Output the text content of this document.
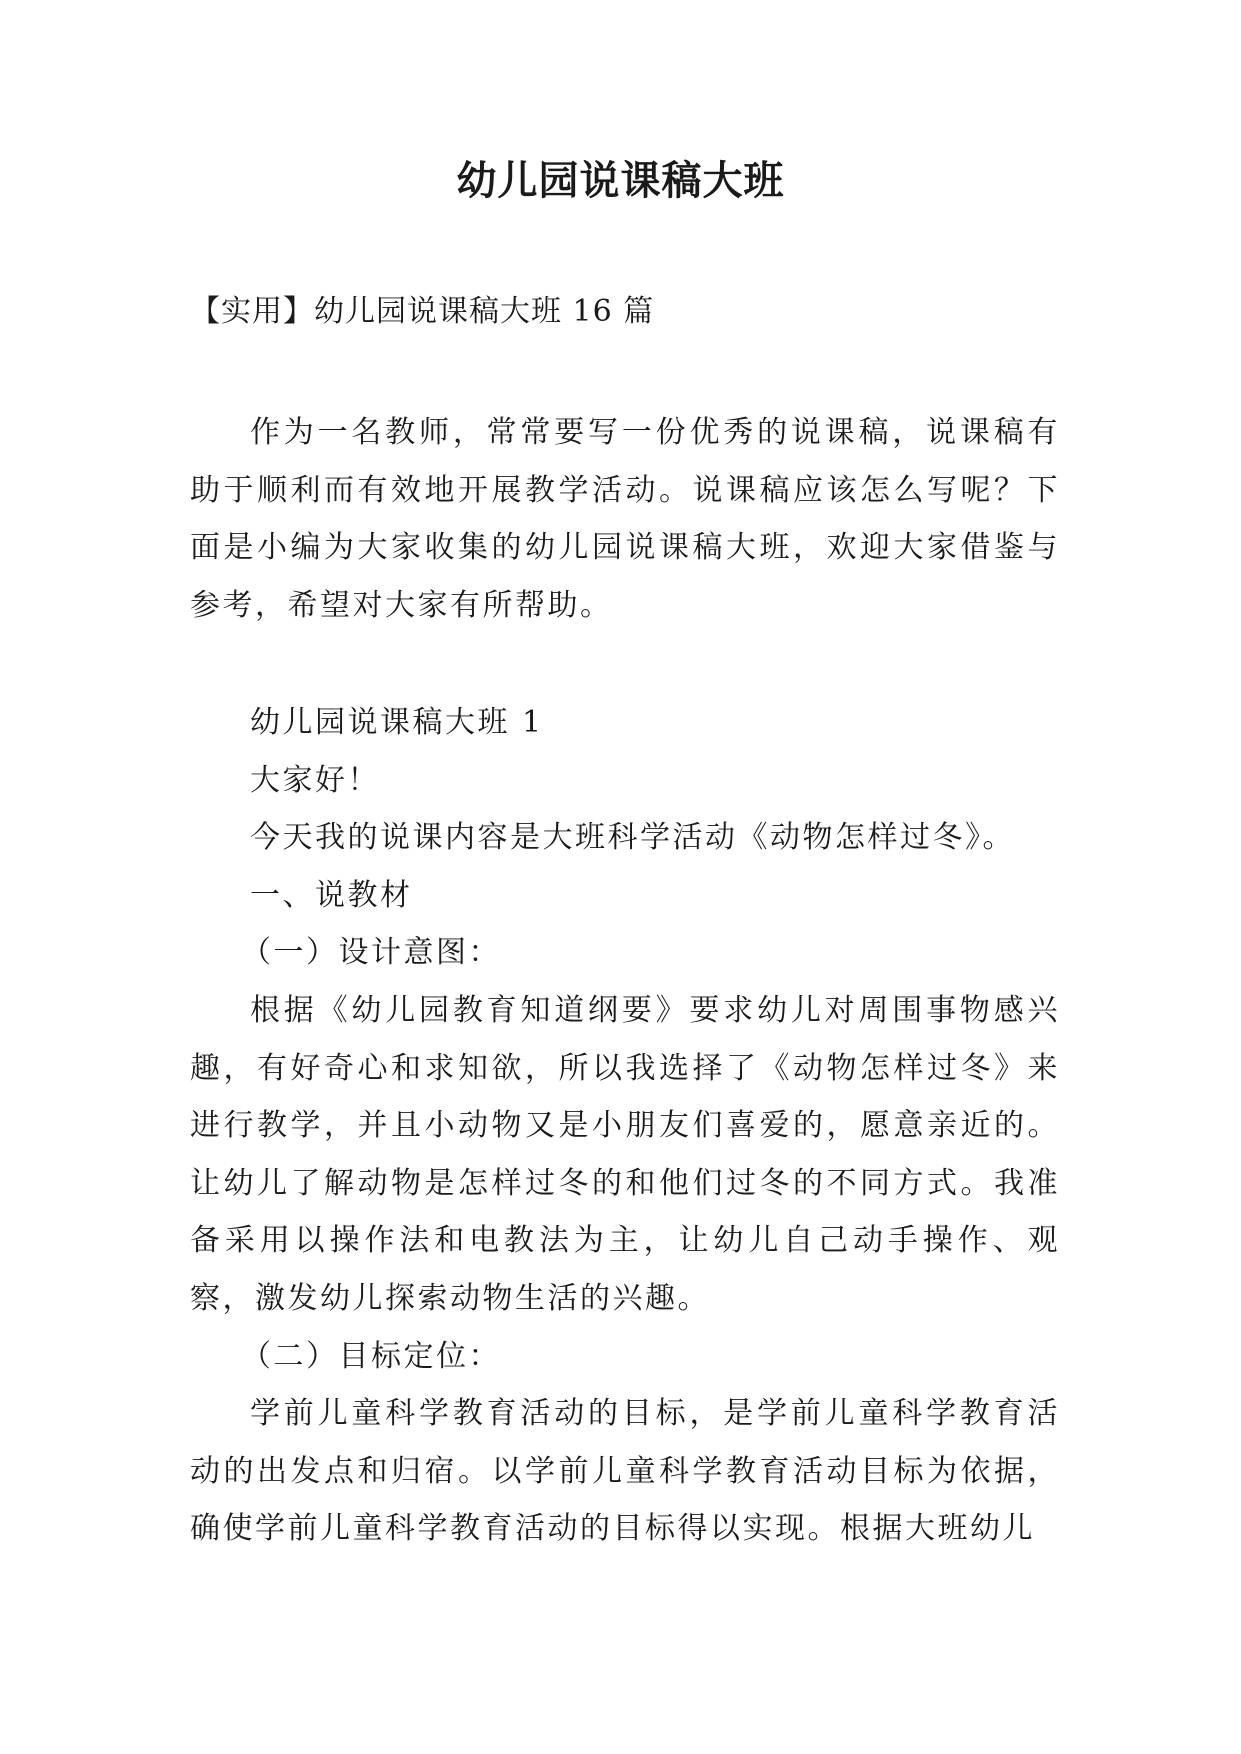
幼儿园说课稿大班
【实用】幼儿园说课稿大班 16 篇

作为一名教师，常常要写一份优秀的说课稿，说课稿有助于顺利而有效地开展教学活动。说课稿应该怎么写呢？下面是小编为大家收集的幼儿园说课稿大班，欢迎大家借鉴与参考，希望对大家有所帮助。

幼儿园说课稿大班 1

大家好！

今天我的说课内容是大班科学活动《动物怎样过冬》。

一、说教材

（一）设计意图：

根据《幼儿园教育知道纲要》要求幼儿对周围事物感兴趣，有好奇心和求知欲，所以我选择了《动物怎样过冬》来进行教学，并且小动物又是小朋友们喜爱的，愿意亲近的。让幼儿了解动物是怎样过冬的和他们过冬的不同方式。我准备采用以操作法和电教法为主，让幼儿自己动手操作、观察，激发幼儿探索动物生活的兴趣。

（二）目标定位：

学前儿童科学教育活动的目标，是学前儿童科学教育活动的出发点和归宿。以学前儿童科学教育活动目标为依据，确使学前儿童科学教育活动的目标得以实现。根据大班幼儿
